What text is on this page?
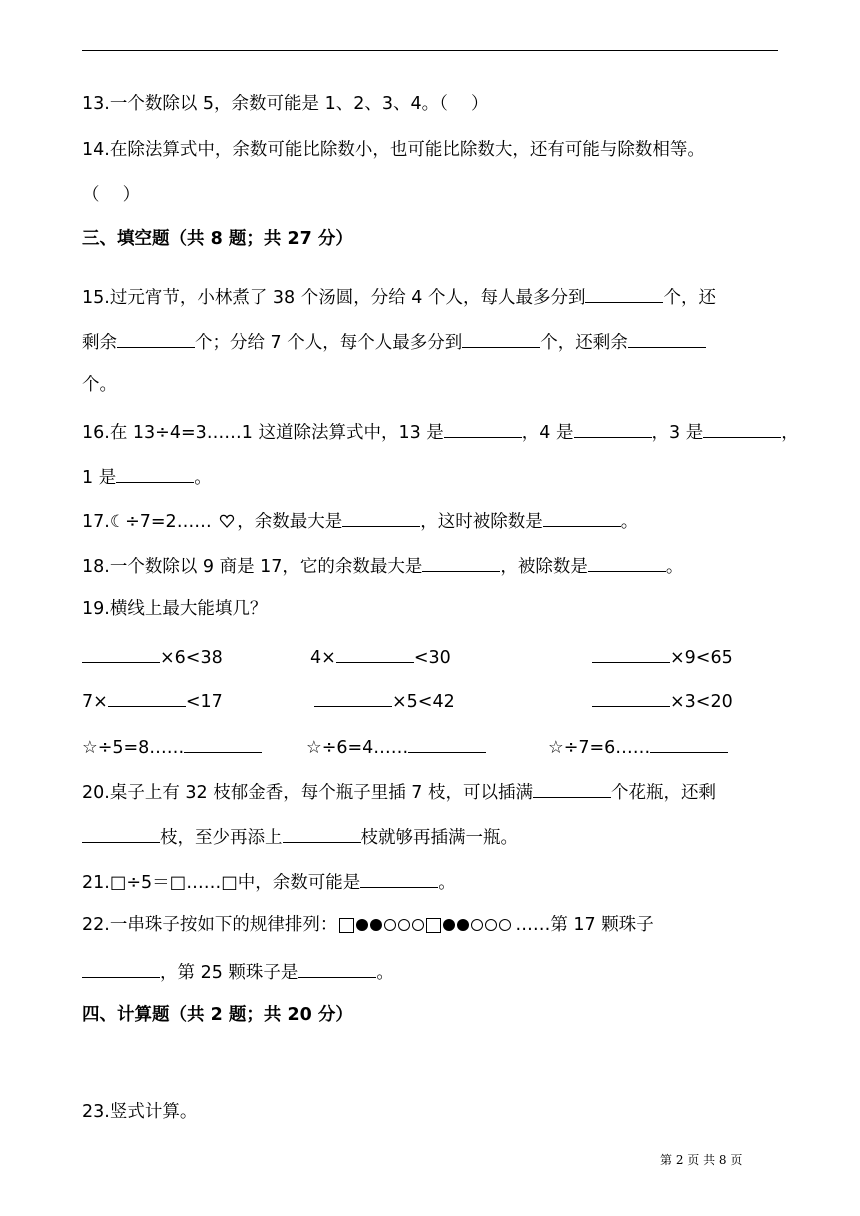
13.一个数除以 5，余数可能是 1、2、3、4。（　 ）
14.在除法算式中，余数可能比除数小，也可能比除数大，还有可能与除数相等。
（　 ）
三、填空题（共 8 题；共 27 分）
15.过元宵节，小林煮了 38 个汤圆，分给 4 个人，每人最多分到	个，还
剩余	个；分给 7 个人，每个人最多分到	个，还剩余
个。
16.在 13÷4=3……1 这道除法算式中，13 是	，4 是	，3 是	，
1 是	。
17.☾÷7=2…… ，余数最大是	，这时被除数是	。
18.一个数除以 9 商是 17，它的余数最大是	，被除数是	。
19.横线上最大能填几？
×6<38	4×	<30	×9<65
7×	<17	×5<42	×3<20
☆÷5=8……	☆÷6=4……	☆÷7=6……
20.桌子上有 32 枝郁金香，每个瓶子里插 7 枝，可以插满	个花瓶，还剩
枝，至少再添上	枝就够再插满一瓶。
21.□÷5＝□……□中，余数可能是	。
22.一串珠子按如下的规律排列：	……第 17 颗珠子
，第 25 颗珠子是	。
四、计算题（共 2 题；共 20 分）
23.竖式计算。
第 2 页 共 8 页
